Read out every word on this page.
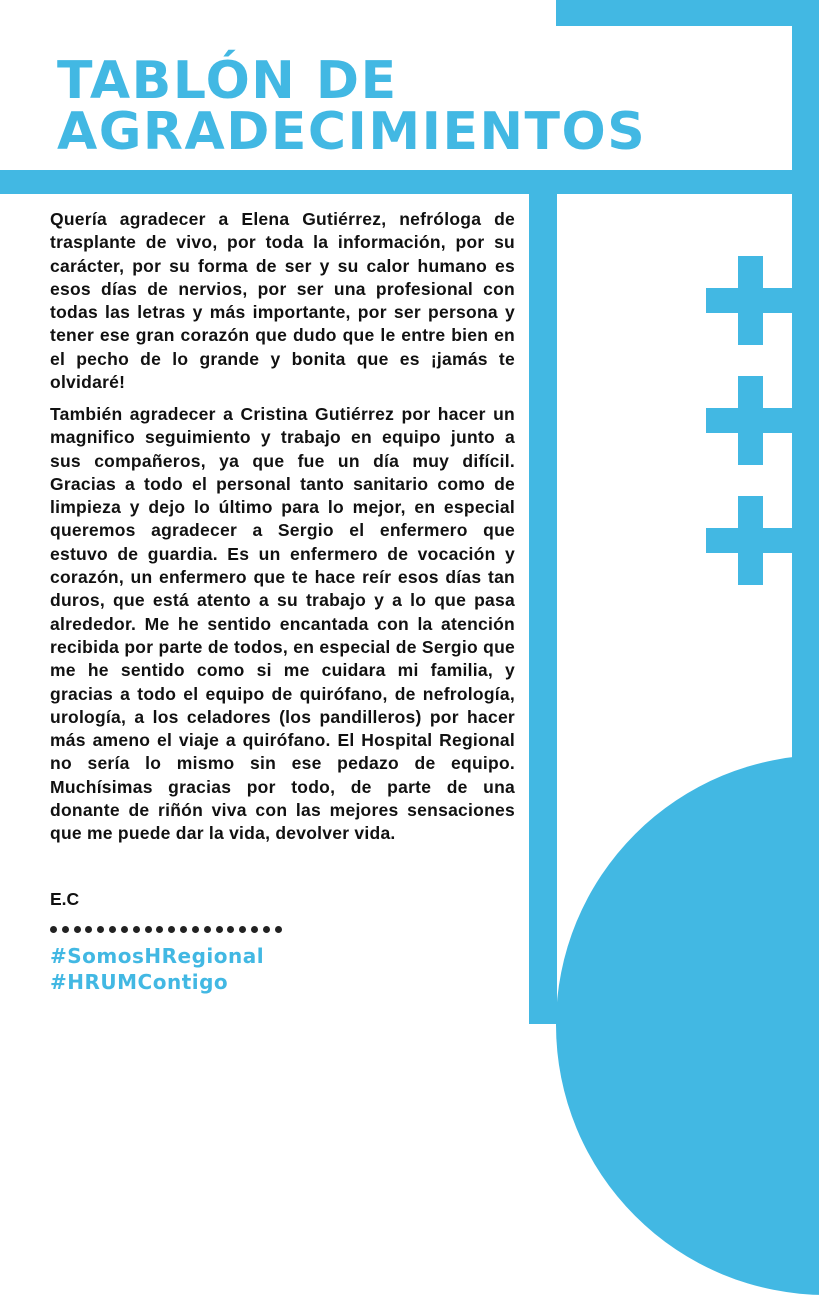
TABLÓN DE
AGRADECIMIENTOS

Quería agradecer a Elena Gutiérrez, nefróloga de trasplante de vivo, por toda la información, por su carácter, por su forma de ser y su calor humano es esos días de nervios, por ser una profesional con todas las letras y más importante, por ser persona y tener ese gran corazón que dudo que le entre bien en el pecho de lo grande y bonita que es ¡jamás te olvidaré!

También agradecer a Cristina Gutiérrez por hacer un magnifico seguimiento y trabajo en equipo junto a sus compañeros, ya que fue un día muy difícil. Gracias a todo el personal tanto sanitario como de limpieza y dejo lo último para lo mejor, en especial queremos agradecer a Sergio el enfermero que estuvo de guardia. Es un enfermero de vocación y corazón, un enfermero que te hace reír esos días tan duros, que está atento a su trabajo y a lo que pasa alrededor. Me he sentido encantada con la atención recibida por parte de todos, en especial de Sergio que me he sentido como si me cuidara mi familia, y gracias a todo el equipo de quirófano, de nefrología, urología, a los celadores (los pandilleros) por hacer más ameno el viaje a quirófano. El Hospital Regional no sería lo mismo sin ese pedazo de equipo. Muchísimas gracias por todo, de parte de una donante de riñón viva con las mejores sensaciones que me puede dar la vida, devolver vida.

E.C

#SomosHRegional

#HRUMContigo
